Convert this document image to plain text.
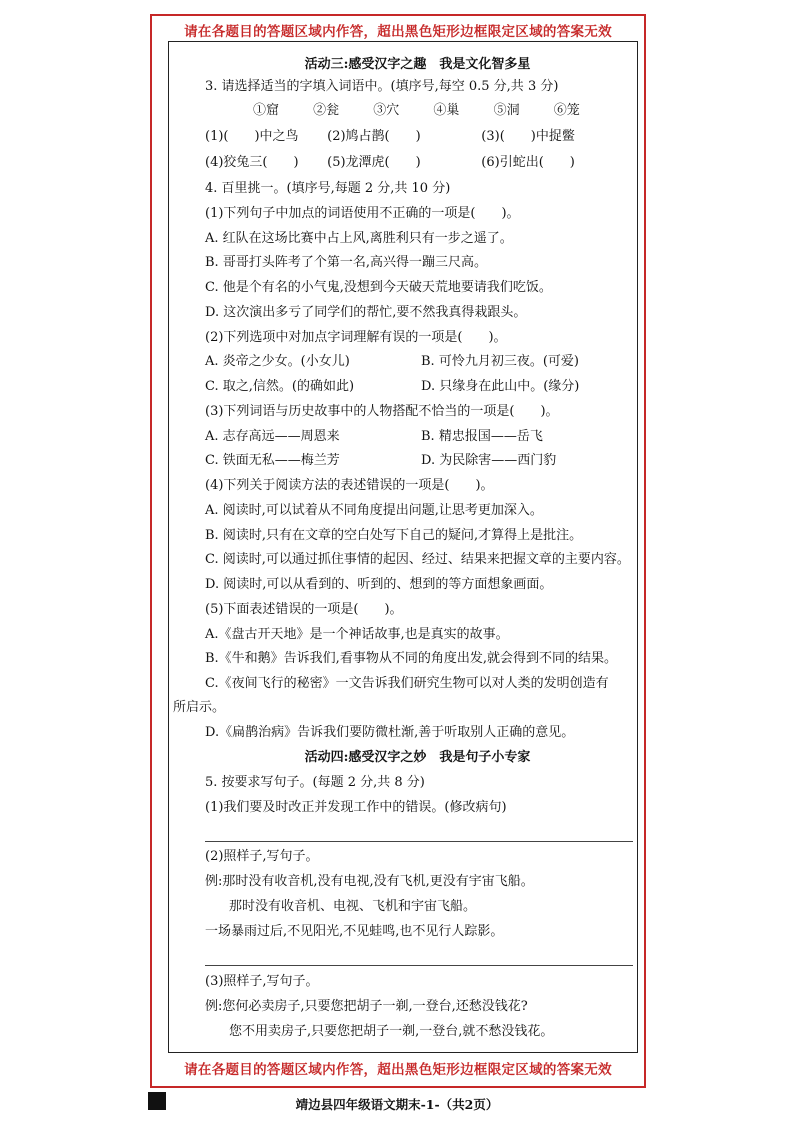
请在各题目的答题区域内作答，超出黑色矩形边框限定区域的答案无效
活动三:感受汉字之趣　我是文化智多星
3. 请选择适当的字填入词语中。(填序号,每空 0.5 分,共 3 分)
①窟	②瓮	③穴	④巢	⑤洞	⑥笼
(1)(　　)中之鸟 (2)鸠占鹊(　　)	(3)(　　)中捉鳖
(4)狡兔三(　　) (5)龙潭虎(　　)	(6)引蛇出(　　)
4. 百里挑一。(填序号,每题 2 分,共 10 分)
(1)下列句子中加点的词语使用不正确的一项是(　　)。
A. 红队在这场比赛中占上风,离胜利只有一步之遥了。
B. 哥哥打头阵考了个第一名,高兴得一蹦三尺高。
C. 他是个有名的小气鬼,没想到今天破天荒地要请我们吃饭。
D. 这次演出多亏了同学们的帮忙,要不然我真得栽跟头。
(2)下列选项中对加点字词理解有误的一项是(　　)。
A. 炎帝之少女。(小女儿)	B. 可怜九月初三夜。(可爱)
C. 取之,信然。(的确如此)	D. 只缘身在此山中。(缘分)
(3)下列词语与历史故事中的人物搭配不恰当的一项是(　　)。
A. 志存高远——周恩来	B. 精忠报国——岳飞
C. 铁面无私——梅兰芳	D. 为民除害——西门豹
(4)下列关于阅读方法的表述错误的一项是(　　)。
A. 阅读时,可以试着从不同角度提出问题,让思考更加深入。
B. 阅读时,只有在文章的空白处写下自己的疑问,才算得上是批注。
C. 阅读时,可以通过抓住事情的起因、经过、结果来把握文章的主要内容。
D. 阅读时,可以从看到的、听到的、想到的等方面想象画面。
(5)下面表述错误的一项是(　　)。
A.《盘古开天地》是一个神话故事,也是真实的故事。
B.《牛和鹅》告诉我们,看事物从不同的角度出发,就会得到不同的结果。
C.《夜间飞行的秘密》一文告诉我们研究生物可以对人类的发明创造有
所启示。
D.《扁鹊治病》告诉我们要防微杜渐,善于听取别人正确的意见。
活动四:感受汉字之妙　我是句子小专家
5. 按要求写句子。(每题 2 分,共 8 分)
(1)我们要及时改正并发现工作中的错误。(修改病句)
(2)照样子,写句子。
例:那时没有收音机,没有电视,没有飞机,更没有宇宙飞船。
那时没有收音机、电视、飞机和宇宙飞船。
一场暴雨过后,不见阳光,不见蛙鸣,也不见行人踪影。
(3)照样子,写句子。
例:您何必卖房子,只要您把胡子一剃,一登台,还愁没钱花?
您不用卖房子,只要您把胡子一剃,一登台,就不愁没钱花。
请在各题目的答题区域内作答，超出黑色矩形边框限定区域的答案无效
靖边县四年级语文期末-1-（共2页）
